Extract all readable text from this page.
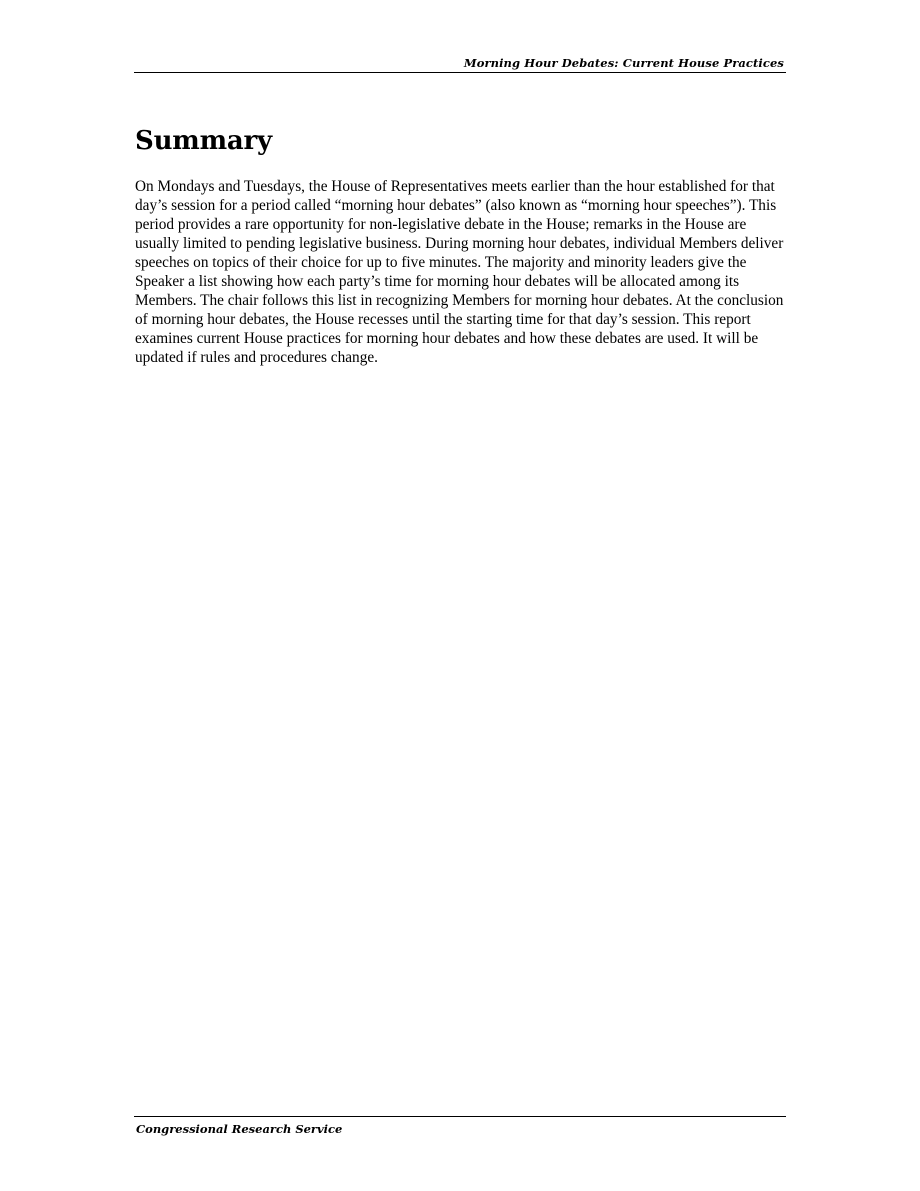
Morning Hour Debates: Current House Practices
Summary

On Mondays and Tuesdays, the House of Representatives meets earlier than the hour established for that day’s session for a period called “morning hour debates” (also known as “morning hour speeches”). This period provides a rare opportunity for non-legislative debate in the House; remarks in the House are usually limited to pending legislative business. During morning hour debates, individual Members deliver speeches on topics of their choice for up to five minutes. The majority and minority leaders give the Speaker a list showing how each party’s time for morning hour debates will be allocated among its Members. The chair follows this list in recognizing Members for morning hour debates. At the conclusion of morning hour debates, the House recesses until the starting time for that day’s session. This report examines current House practices for morning hour debates and how these debates are used. It will be updated if rules and procedures change.

Congressional Research Service
